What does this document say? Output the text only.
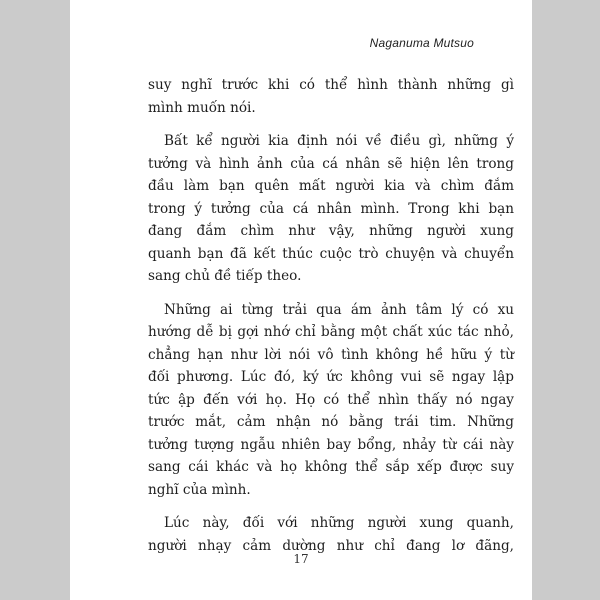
Naganuma Mutsuo
suy nghĩ trước khi có thể hình thành những gì
mình muốn nói.
Bất kể người kia định nói về điều gì, những ý
tưởng và hình ảnh của cá nhân sẽ hiện lên trong
đầu làm bạn quên mất người kia và chìm đắm
trong ý tưởng của cá nhân mình. Trong khi bạn
đang đắm chìm như vậy, những người xung
quanh bạn đã kết thúc cuộc trò chuyện và chuyển
sang chủ đề tiếp theo.
Những ai từng trải qua ám ảnh tâm lý có xu
hướng dễ bị gợi nhớ chỉ bằng một chất xúc tác nhỏ,
chẳng hạn như lời nói vô tình không hề hữu ý từ
đối phương. Lúc đó, ký ức không vui sẽ ngay lập
tức ập đến với họ. Họ có thể nhìn thấy nó ngay
trước mắt, cảm nhận nó bằng trái tim. Những
tưởng tượng ngẫu nhiên bay bổng, nhảy từ cái này
sang cái khác và họ không thể sắp xếp được suy
nghĩ của mình.
Lúc này, đối với những người xung quanh,
người nhạy cảm dường như chỉ đang lơ đãng,
17
